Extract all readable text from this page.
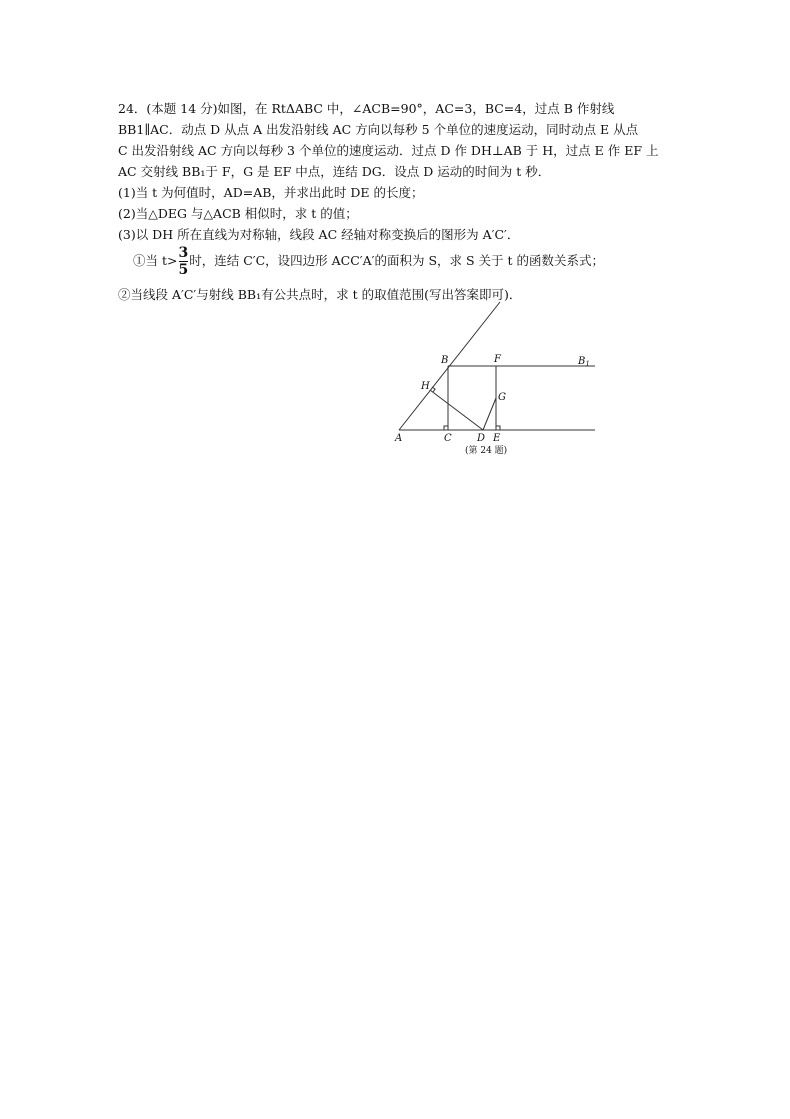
24．(本题 14 分)如图，在 RtΔABC 中，∠ACB=90°，AC=3，BC=4，过点 B 作射线
BB1∥AC．动点 D 从点 A 出发沿射线 AC 方向以每秒 5 个单位的速度运动，同时动点 E 从点
C 出发沿射线 AC 方向以每秒 3 个单位的速度运动．过点 D 作 DH⊥AB 于 H，过点 E 作 EF 上
AC 交射线 BB₁于 F，G 是 EF 中点，连结 DG．设点 D 运动的时间为 t 秒．
(1)当 t 为何值时，AD=AB，并求出此时 DE 的长度；
(2)当△DEG 与△ACB 相似时，求 t 的值；
(3)以 DH 所在直线为对称轴，线段 AC 经轴对称变换后的图形为 A′C′．
①当 $t> \frac{3}{5}$ 时，连结 C′C，设四边形 ACC′A′的面积为 S，求 S 关于 t 的函数关系式；
②当线段 A′C′与射线 BB₁有公共点时，求 t 的取值范围(写出答案即可)．
A	C	D E
B	F
G
H
$B_1$
(第 24 题)
